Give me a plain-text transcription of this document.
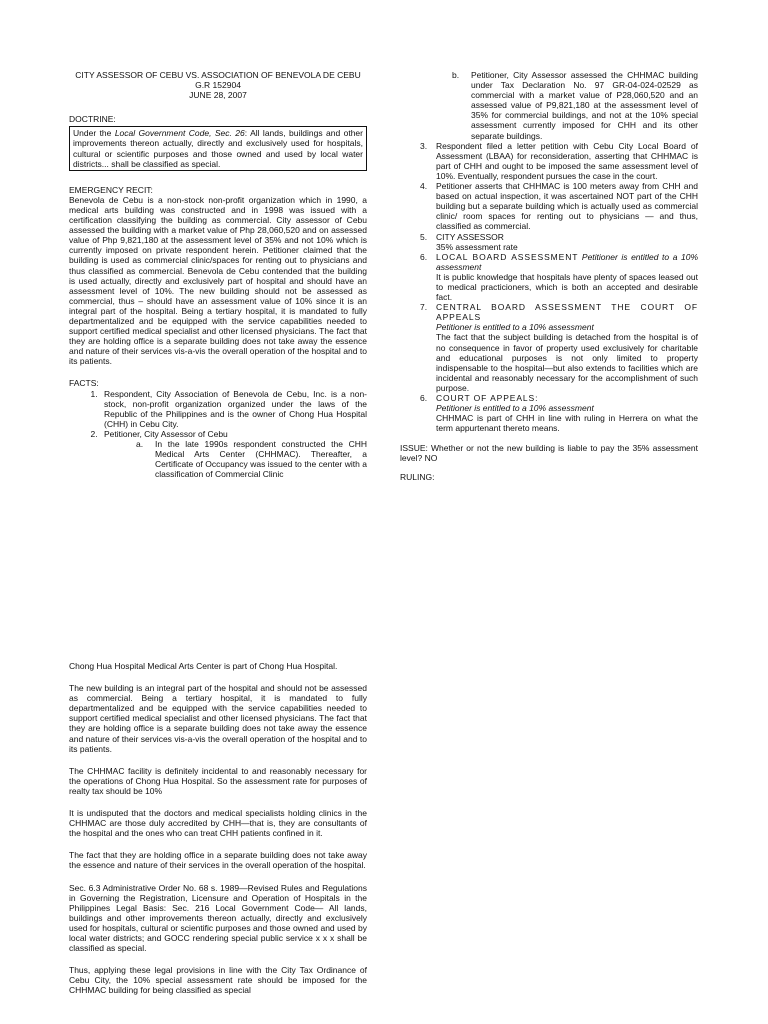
CITY ASSESSOR OF CEBU VS. ASSOCIATION OF BENEVOLA DE CEBU
G.R 152904
JUNE 28, 2007
DOCTRINE:
Under the Local Government Code, Sec. 26: All lands, buildings and other improvements thereon actually, directly and exclusively used for hospitals, cultural or scientific purposes and those owned and used by local water districts... shall be classified as special.
EMERGENCY RECIT:
Benevola de Cebu is a non-stock non-profit organization which in 1990, a medical arts building was constructed and in 1998 was issued with a certification classifying the building as commercial. City assessor of Cebu assessed the building with a market value of Php 28,060,520 and on assessed value of Php 9,821,180 at the assessment level of 35% and not 10% which is currently imposed on private respondent herein. Petitioner claimed that the building is used as commercial clinic/spaces for renting out to physicians and thus classified as commercial. Benevola de Cebu contended that the building is used actually, directly and exclusively part of hospital and should have an assessment level of 10%. The new building should not be assessed as commercial, thus – should have an assessment value of 10% since it is an integral part of the hospital. Being a tertiary hospital, it is mandated to fully departmentalized and be equipped with the service capabilities needed to support certified medical specialist and other licensed physicians. The fact that they are holding office is a separate building does not take away the essence and nature of their services vis-a-vis the overall operation of the hospital and to its patients.
FACTS:
1. Respondent, City Association of Benevola de Cebu, Inc. is a non-stock, non-profit organization organized under the laws of the Republic of the Philippines and is the owner of Chong Hua Hospital (CHH) in Cebu City.
2. Petitioner, City Assessor of Cebu
a. In the late 1990s respondent constructed the CHH Medical Arts Center (CHHMAC). Thereafter, a Certificate of Occupancy was issued to the center with a classification of Commercial Clinic
b. Petitioner, City Assessor assessed the CHHMAC building under Tax Declaration No. 97 GR-04-024-02529 as commercial with a market value of P28,060,520 and an assessed value of P9,821,180 at the assessment level of 35% for commercial buildings, and not at the 10% special assessment currently imposed for CHH and its other separate buildings.
3. Respondent filed a letter petition with Cebu City Local Board of Assessment (LBAA) for reconsideration, asserting that CHHMAC is part of CHH and ought to be imposed the same assessment level of 10%. Eventually, respondent pursues the case in the court.
4. Petitioner asserts that CHHMAC is 100 meters away from CHH and based on actual inspection, it was ascertained NOT part of the CHH building but a separate building which is actually used as commercial clinic/ room spaces for renting out to physicians — and thus, classified as commercial.
5. CITY ASSESSOR
35% assessment rate
6. LOCAL BOARD ASSESSMENT Petitioner is entitled to a 10% assessment
It is public knowledge that hospitals have plenty of spaces leased out to medical practicioners, which is both an accepted and desirable fact.
7. CENTRAL BOARD ASSESSMENT THE COURT OF APPEALS
Petitioner is entitled to a 10% assessment
The fact that the subject building is detached from the hospital is of no consequence in favor of property used exclusively for charitable and educational purposes is not only limited to property indispensable to the hospital—but also extends to facilities which are incidental and reasonably necessary for the accomplishment of such purpose.
6. COURT OF APPEALS:
Petitioner is entitled to a 10% assessment
CHHMAC is part of CHH in line with ruling in Herrera on what the term appurtenant thereto means.
ISSUE: Whether or not the new building is liable to pay the 35% assessment level? NO
RULING:

Chong Hua Hospital Medical Arts Center is part of Chong Hua Hospital.

The new building is an integral part of the hospital and should not be assessed as commercial. Being a tertiary hospital, it is mandated to fully departmentalized and be equipped with the service capabilities needed to support certified medical specialist and other licensed physicians. The fact that they are holding office is a separate building does not take away the essence and nature of their services vis-a-vis the overall operation of the hospital and to its patients.

The CHHMAC facility is definitely incidental to and reasonably necessary for the operations of Chong Hua Hospital. So the assessment rate for purposes of realty tax should be 10%

It is undisputed that the doctors and medical specialists holding clinics in the CHHMAC are those duly accredited by CHH—that is, they are consultants of the hospital and the ones who can treat CHH patients confined in it.

The fact that they are holding office in a separate building does not take away the essence and nature of their services in the overall operation of the hospital.

Sec. 6.3 Administrative Order No. 68 s. 1989—Revised Rules and Regulations in Governing the Registration, Licensure and Operation of Hospitals in the Philippines Legal Basis: Sec. 216 Local Government Code— All lands, buildings and other improvements thereon actually, directly and exclusively used for hospitals, cultural or scientific purposes and those owned and used by local water districts; and GOCC rendering special public service x x x shall be classified as special.

Thus, applying these legal provisions in line with the City Tax Ordinance of Cebu City, the 10% special assessment rate should be imposed for the CHHMAC building for being classified as special
